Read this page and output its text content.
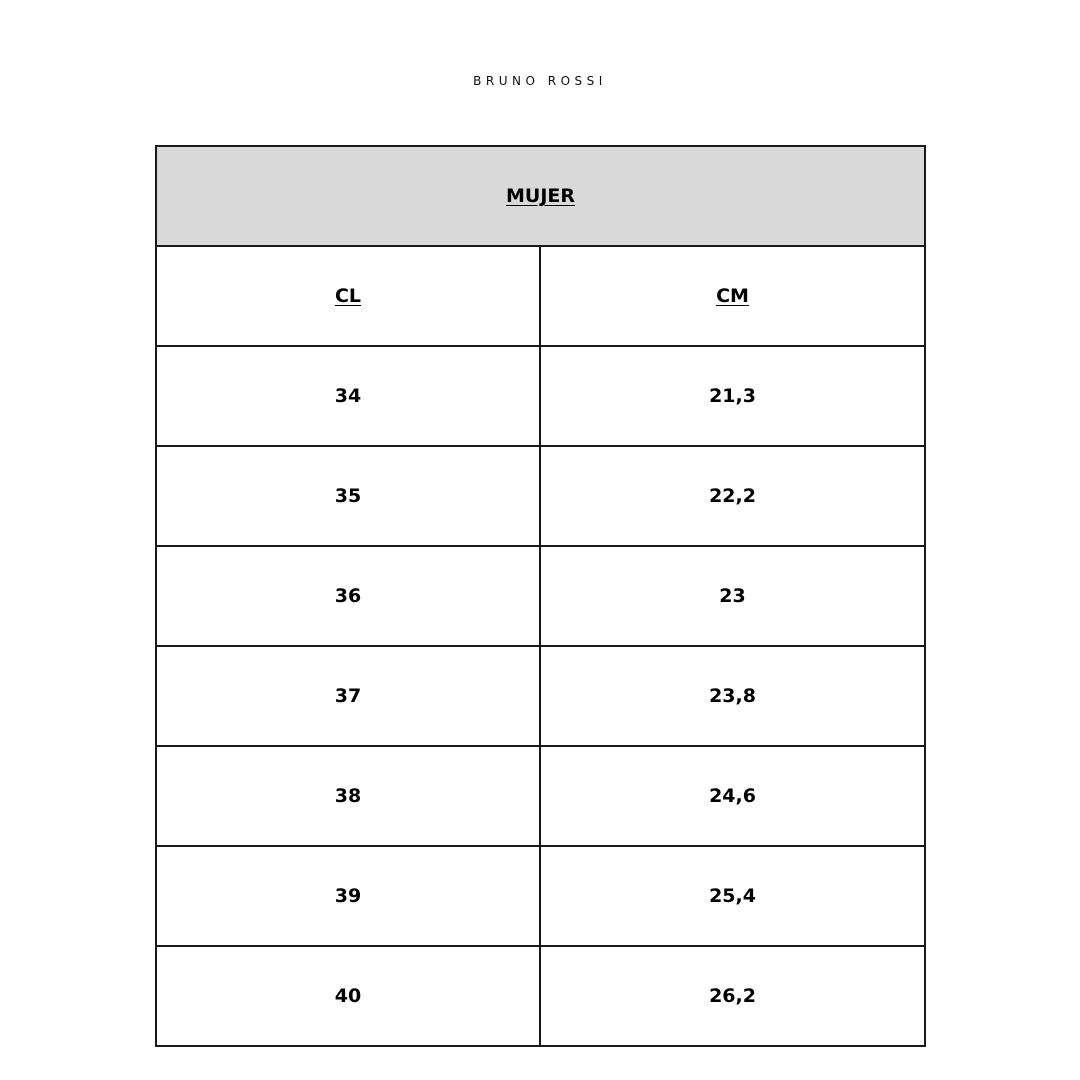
BRUNO ROSSI
MUJER	
CL	CM
34	21,3
35	22,2
36	23
37	23,8
38	24,6
39	25,4
40	26,2
